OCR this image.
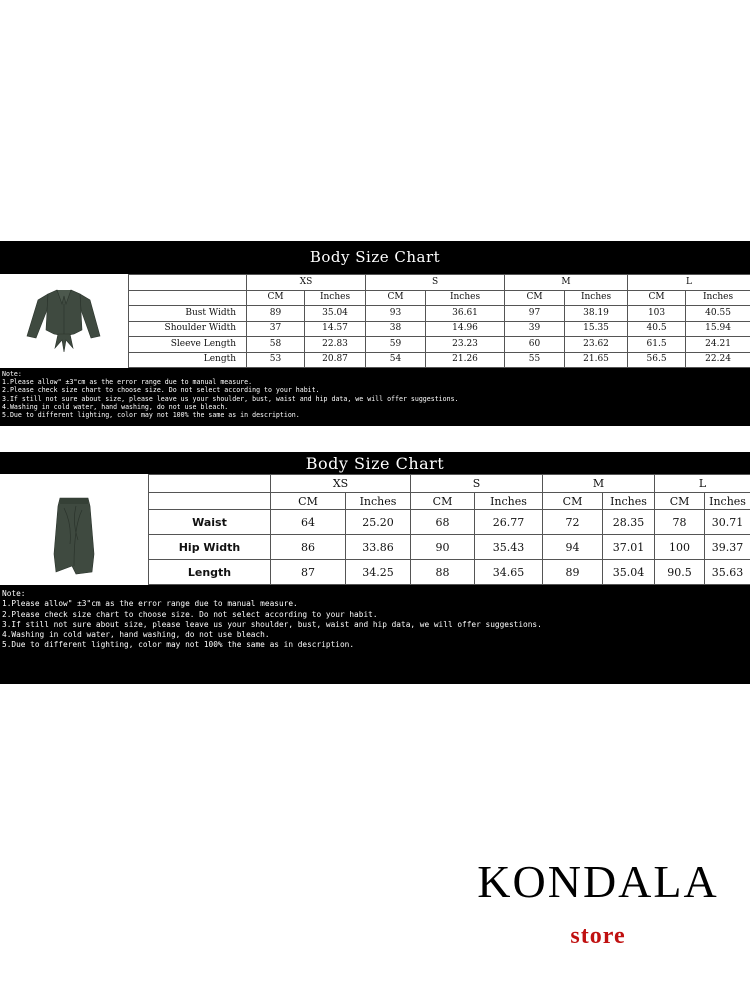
Body Size Chart
	XS		S		M		L	
	CM	Inches	CM	Inches	CM	Inches	CM	Inches
Bust Width	89	35.04	93	36.61	97	38.19	103	40.55
Shoulder Width	37	14.57	38	14.96	39	15.35	40.5	15.94
Sleeve Length	58	22.83	59	23.23	60	23.62	61.5	24.21
Length	53	20.87	54	21.26	55	21.65	56.5	22.24
Note:
1.Please allow" ±3"cm as the error range due to manual measure.
2.Please check size chart to choose size. Do not select according to your habit.
3.If still not sure about size, please leave us your shoulder, bust, waist and hip data, we will offer suggestions.
4.Washing in cold water, hand washing, do not use bleach.
5.Due to different lighting, color may not 100% the same as in description.
Body Size Chart
	XS		S		M		L	
	CM	Inches	CM	Inches	CM	Inches	CM	Inches
Waist	64	25.20	68	26.77	72	28.35	78	30.71
Hip Width	86	33.86	90	35.43	94	37.01	100	39.37
Length	87	34.25	88	34.65	89	35.04	90.5	35.63
Note:
1.Please allow" ±3"cm as the error range due to manual measure.
2.Please check size chart to choose size. Do not select according to your habit.
3.If still not sure about size, please leave us your shoulder, bust, waist and hip data, we will offer suggestions.
4.Washing in cold water, hand washing, do not use bleach.
5.Due to different lighting, color may not 100% the same as in description.
KONDALA
store
